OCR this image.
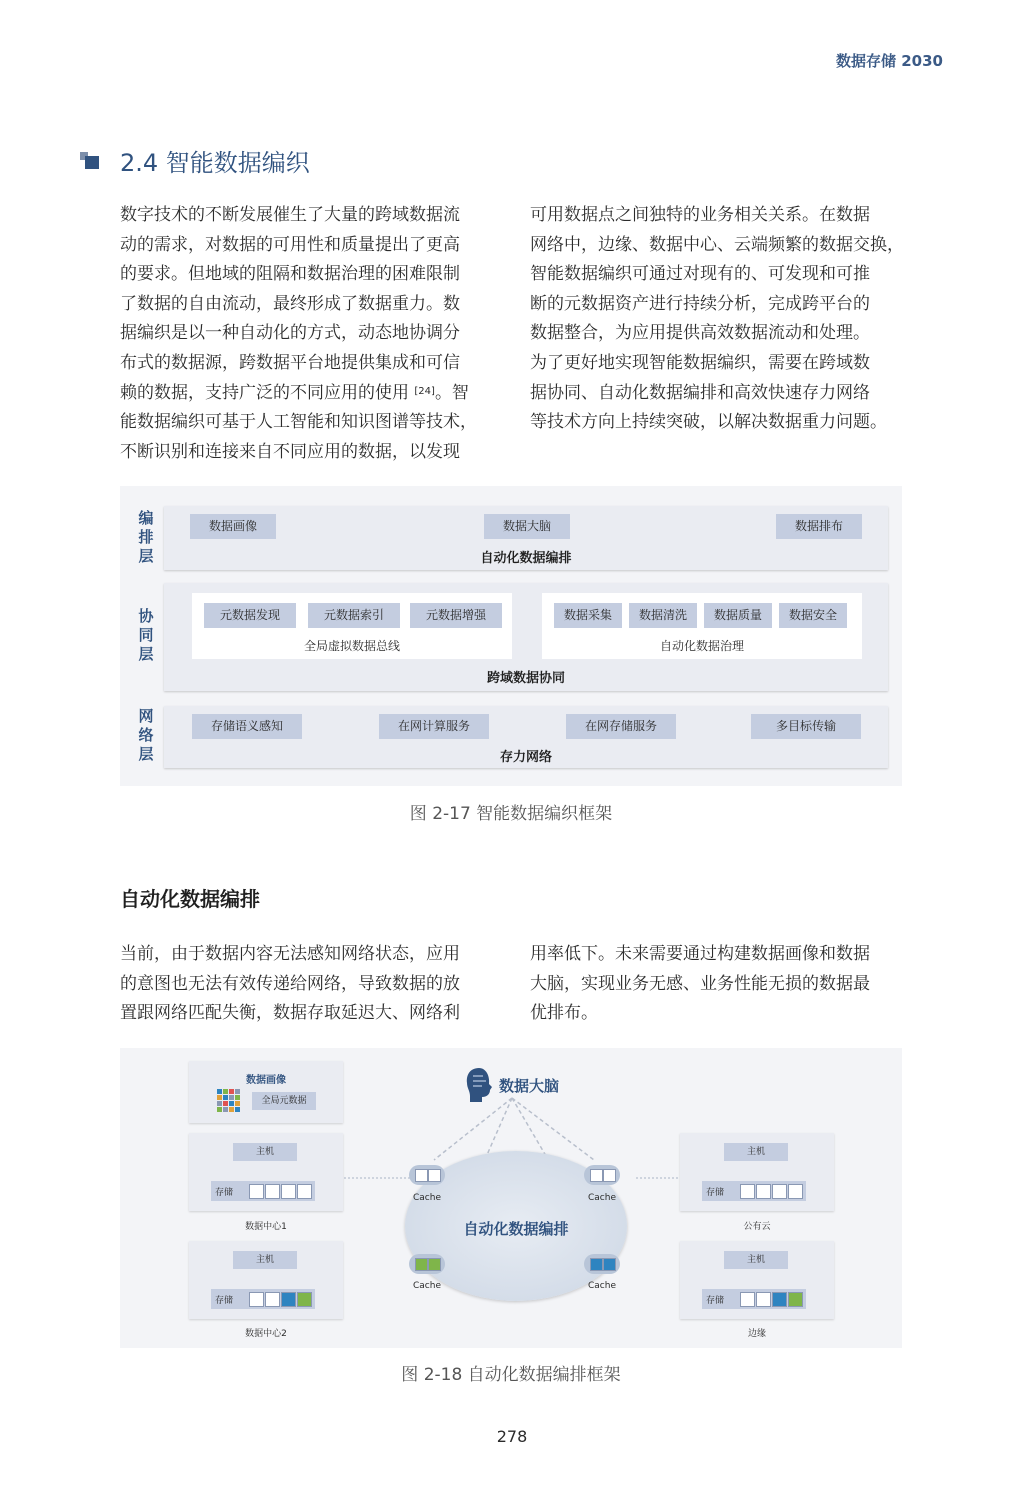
数据存储 2030
2.4 智能数据编织
数字技术的不断发展催生了大量的跨域数据流
动的需求，对数据的可用性和质量提出了更高
的要求。但地域的阻隔和数据治理的困难限制
了数据的自由流动，最终形成了数据重力。数
据编织是以一种自动化的方式，动态地协调分
布式的数据源，跨数据平台地提供集成和可信
赖的数据，支持广泛的不同应用的使用 [24]。智
能数据编织可基于人工智能和知识图谱等技术，
不断识别和连接来自不同应用的数据，以发现
可用数据点之间独特的业务相关关系。在数据
网络中，边缘、数据中心、云端频繁的数据交换，
智能数据编织可通过对现有的、可发现和可推
断的元数据资产进行持续分析，完成跨平台的
数据整合，为应用提供高效数据流动和处理。
为了更好地实现智能数据编织，需要在跨域数
据协同、自动化数据编排和高效快速存力网络
等技术方向上持续突破，以解决数据重力问题。
编
排
层
数据画像	数据大脑	数据排布
自动化数据编排
协
同
层
元数据发现	元数据索引	元数据增强
全局虚拟数据总线
数据采集	数据清洗	数据质量	数据安全
自动化数据治理
跨域数据协同
网
络
层
存储语义感知	在网计算服务	在网存储服务	多目标传输
存力网络
图 2-17 智能数据编织框架
自动化数据编排
当前，由于数据内容无法感知网络状态，应用
的意图也无法有效传递给网络，导致数据的放
置跟网络匹配失衡，数据存取延迟大、网络利
用率低下。未来需要通过构建数据画像和数据
大脑，实现业务无感、业务性能无损的数据最
优排布。
数据画像
全局元数据
数据大脑
自动化数据编排
Cache	Cache
Cache	Cache
主机
存储
数据中心1
主机
存储
数据中心2
主机
存储
公有云
主机
存储
边缘
图 2-18 自动化数据编排框架
278
